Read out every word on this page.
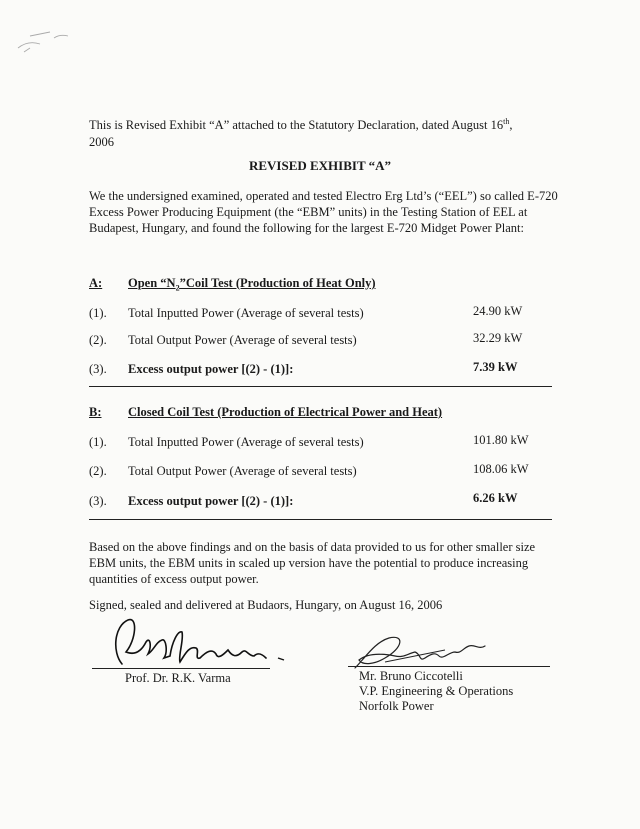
This is Revised Exhibit “A” attached to the Statutory Declaration, dated August 16th,
2006
REVISED EXHIBIT “A”
We the undersigned examined, operated and tested Electro Erg Ltd’s (“EEL”) so called E-720 Excess Power Producing Equipment (the “EBM” units) in the Testing Station of EEL at Budapest, Hungary, and found the following for the largest E-720 Midget Power Plant:
A: Open “$N_2”Coil$ Test (Production of Heat Only)
(1). Total Inputted Power (Average of several tests)	24.90 kW
(2). Total Output Power (Average of several tests)	32.29 kW
(3). Excess output power [(2) - (1)]:	7.39 kW
B: Closed Coil Test (Production of Electrical Power and Heat)
(1). Total Inputted Power (Average of several tests)	101.80 kW
(2). Total Output Power (Average of several tests)	108.06 kW
(3). Excess output power [(2) - (1)]:	6.26 kW
Based on the above findings and on the basis of data provided to us for other smaller size EBM units, the EBM units in scaled up version have the potential to produce increasing quantities of excess output power.
Signed, sealed and delivered at Budaors, Hungary, on August 16, 2006
Prof. Dr. R.K. Varma	Mr. Bruno Ciccotelli
V.P. Engineering & Operations
Norfolk Power
